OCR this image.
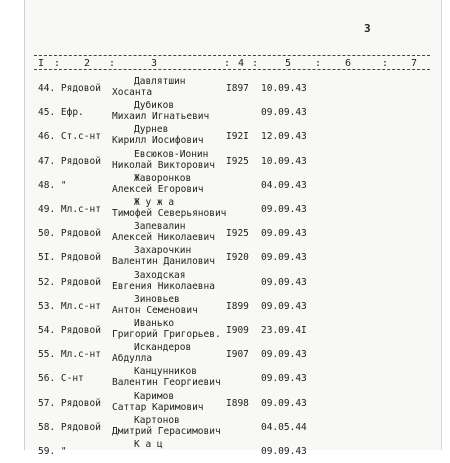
3
I : 2 :	3	: 4 :	5 : 6	: 7
44. Рядовой
Давлятшин
Хосанта	I897 10.09.43
45. Ефр.
Дубиков
Михаил Игнатьевич	09.09.43
46. Ст.с-нт
Дурнев
Кирилл Иосифович I92I 12.09.43
47. Рядовой
Евсюков-Ионин
Николай Викторович I925 10.09.43
48. "
Жаворонков
Алексей Егорович	04.09.43
49. Мл.с-нт
Ж у ж а
Тимофей Северьянович	09.09.43
50. Рядовой
Запевалин
Алексей Николаевич I925 09.09.43
5I. Рядовой
Захарочкин
Валентин Данилович I920 09.09.43
52. Рядовой
Заходская
Евгения Николаевна	09.09.43
53. Мл.с-нт
Зиновьев
Антон Семенович	I899 09.09.43
54. Рядовой
Иванько
Григорий Григорьев. I909 23.09.4I
55. Мл.с-нт
Искандеров
Абдулла	I907 09.09.43
56. С-нт
Канцунников
Валентин Георгиевич	09.09.43
57. Рядовой
Каримов
Саттар Каримович I898 09.09.43
58. Рядовой
Картонов
Дмитрий Герасимович	04.05.44
59. "
К а ц
09.09.43
